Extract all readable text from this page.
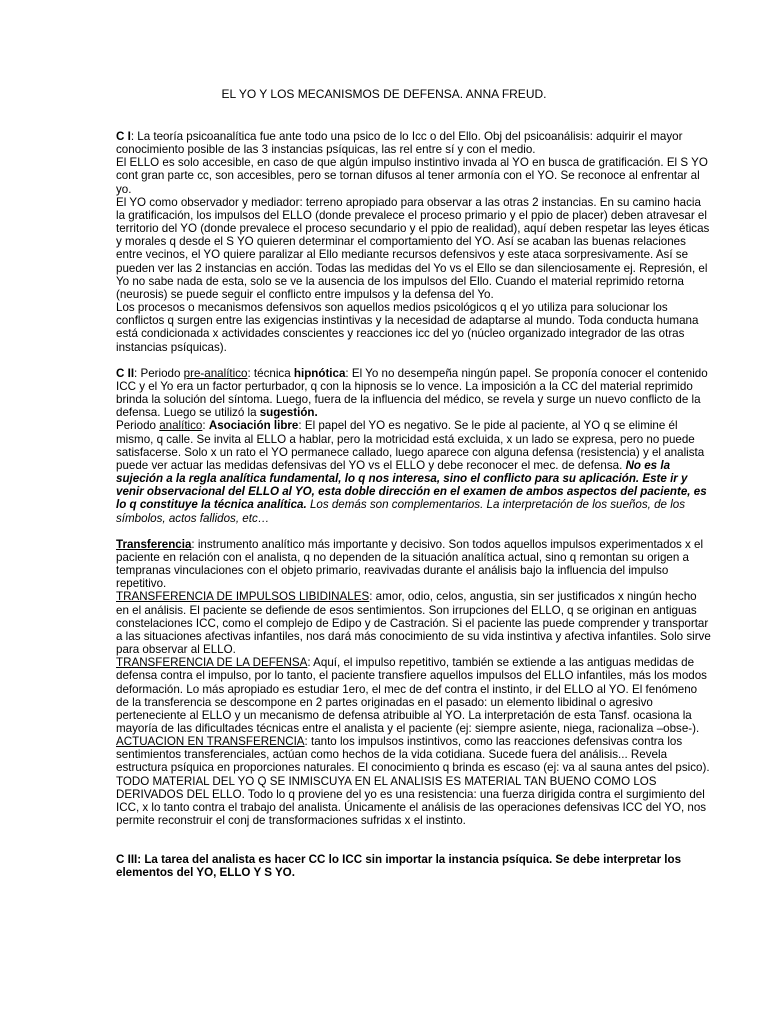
EL YO Y LOS MECANISMOS DE DEFENSA. ANNA FREUD.

C I: La teoría psicoanalítica fue ante todo una psico de lo Icc o del Ello. Obj del psicoanálisis: adquirir el mayor conocimiento posible de las 3 instancias psíquicas, las rel entre sí y con el medio.

El ELLO es solo accesible, en caso de que algún impulso instintivo invada al YO en busca de gratificación. El S YO cont gran parte cc, son accesibles, pero se tornan difusos al tener armonía con el YO. Se reconoce al enfrentar al yo.

El YO como observador y mediador: terreno apropiado para observar a las otras 2 instancias. En su camino hacia la gratificación, los impulsos del ELLO (donde prevalece el proceso primario y el ppio de placer) deben atravesar el territorio del YO (donde prevalece el proceso secundario y el ppio de realidad), aquí deben respetar las leyes éticas y morales q desde el S YO quieren determinar el comportamiento del YO. Así se acaban las buenas relaciones entre vecinos, el YO quiere paralizar al Ello mediante recursos defensivos y este ataca sorpresivamente. Así se pueden ver las 2 instancias en acción. Todas las medidas del Yo vs el Ello se dan silenciosamente ej. Represión, el Yo no sabe nada de esta, solo se ve la ausencia de los impulsos del Ello. Cuando el material reprimido retorna (neurosis) se puede seguir el conflicto entre impulsos y la defensa del Yo.

Los procesos o mecanismos defensivos son aquellos medios psicológicos q el yo utiliza para solucionar los conflictos q surgen entre las exigencias instintivas y la necesidad de adaptarse al mundo. Toda conducta humana está condicionada x actividades conscientes y reacciones icc del yo (núcleo organizado integrador de las otras instancias psíquicas).

C II: Periodo pre-analítico: técnica hipnótica: El Yo no desempeña ningún papel. Se proponía conocer el contenido ICC y el Yo era un factor perturbador, q con la hipnosis se lo vence. La imposición a la CC del material reprimido brinda la solución del síntoma. Luego, fuera de la influencia del médico, se revela y surge un nuevo conflicto de la defensa. Luego se utilizó la sugestión.

Periodo analítico: Asociación libre: El papel del YO es negativo. Se le pide al paciente, al YO q se elimine él mismo, q calle. Se invita al ELLO a hablar, pero la motricidad está excluida, x un lado se expresa, pero no puede satisfacerse. Solo x un rato el YO permanece callado, luego aparece con alguna defensa (resistencia) y el analista puede ver actuar las medidas defensivas del YO vs el ELLO y debe reconocer el mec. de defensa. No es la sujeción a la regla analítica fundamental, lo q nos interesa, sino el conflicto para su aplicación. Este ir y venir observacional del ELLO al YO, esta doble dirección en el examen de ambos aspectos del paciente, es lo q constituye la técnica analítica. Los demás son complementarios. La interpretación de los sueños, de los símbolos, actos fallidos, etc…

Transferencia: instrumento analítico más importante y decisivo. Son todos aquellos impulsos experimentados x el paciente en relación con el analista, q no dependen de la situación analítica actual, sino q remontan su origen a tempranas vinculaciones con el objeto primario, reavivadas durante el análisis bajo la influencia del impulso repetitivo.

TRANSFERENCIA DE IMPULSOS LIBIDINALES: amor, odio, celos, angustia, sin ser justificados x ningún hecho en el análisis. El paciente se defiende de esos sentimientos. Son irrupciones del ELLO, q se originan en antiguas constelaciones ICC, como el complejo de Edipo y de Castración. Si el paciente las puede comprender y transportar a las situaciones afectivas infantiles, nos dará más conocimiento de su vida instintiva y afectiva infantiles. Solo sirve para observar al ELLO.

TRANSFERENCIA DE LA DEFENSA: Aquí, el impulso repetitivo, también se extiende a las antiguas medidas de defensa contra el impulso, por lo tanto, el paciente transfiere aquellos impulsos del ELLO infantiles, más los modos deformación. Lo más apropiado es estudiar 1ero, el mec de def contra el instinto, ir del ELLO al YO. El fenómeno de la transferencia se descompone en 2 partes originadas en el pasado: un elemento libidinal o agresivo perteneciente al ELLO y un mecanismo de defensa atribuible al YO. La interpretación de esta Tansf. ocasiona la mayoría de las dificultades técnicas entre el analista y el paciente (ej: siempre asiente, niega, racionaliza –obse-).

ACTUACION EN TRANSFERENCIA: tanto los impulsos instintivos, como las reacciones defensivas contra los sentimientos transferenciales, actúan como hechos de la vida cotidiana. Sucede fuera del análisis... Revela estructura psíquica en proporciones naturales. El conocimiento q brinda es escaso (ej: va al sauna antes del psico).

TODO MATERIAL DEL YO Q SE INMISCUYA EN EL ANALISIS ES MATERIAL TAN BUENO COMO LOS DERIVADOS DEL ELLO. Todo lo q proviene del yo es una resistencia: una fuerza dirigida contra el surgimiento del ICC, x lo tanto contra el trabajo del analista. Únicamente el análisis de las operaciones defensivas ICC del YO, nos permite reconstruir el conj de transformaciones sufridas x el instinto.

C III: La tarea del analista es hacer CC lo ICC sin importar la instancia psíquica. Se debe interpretar los elementos del YO, ELLO Y S YO.
